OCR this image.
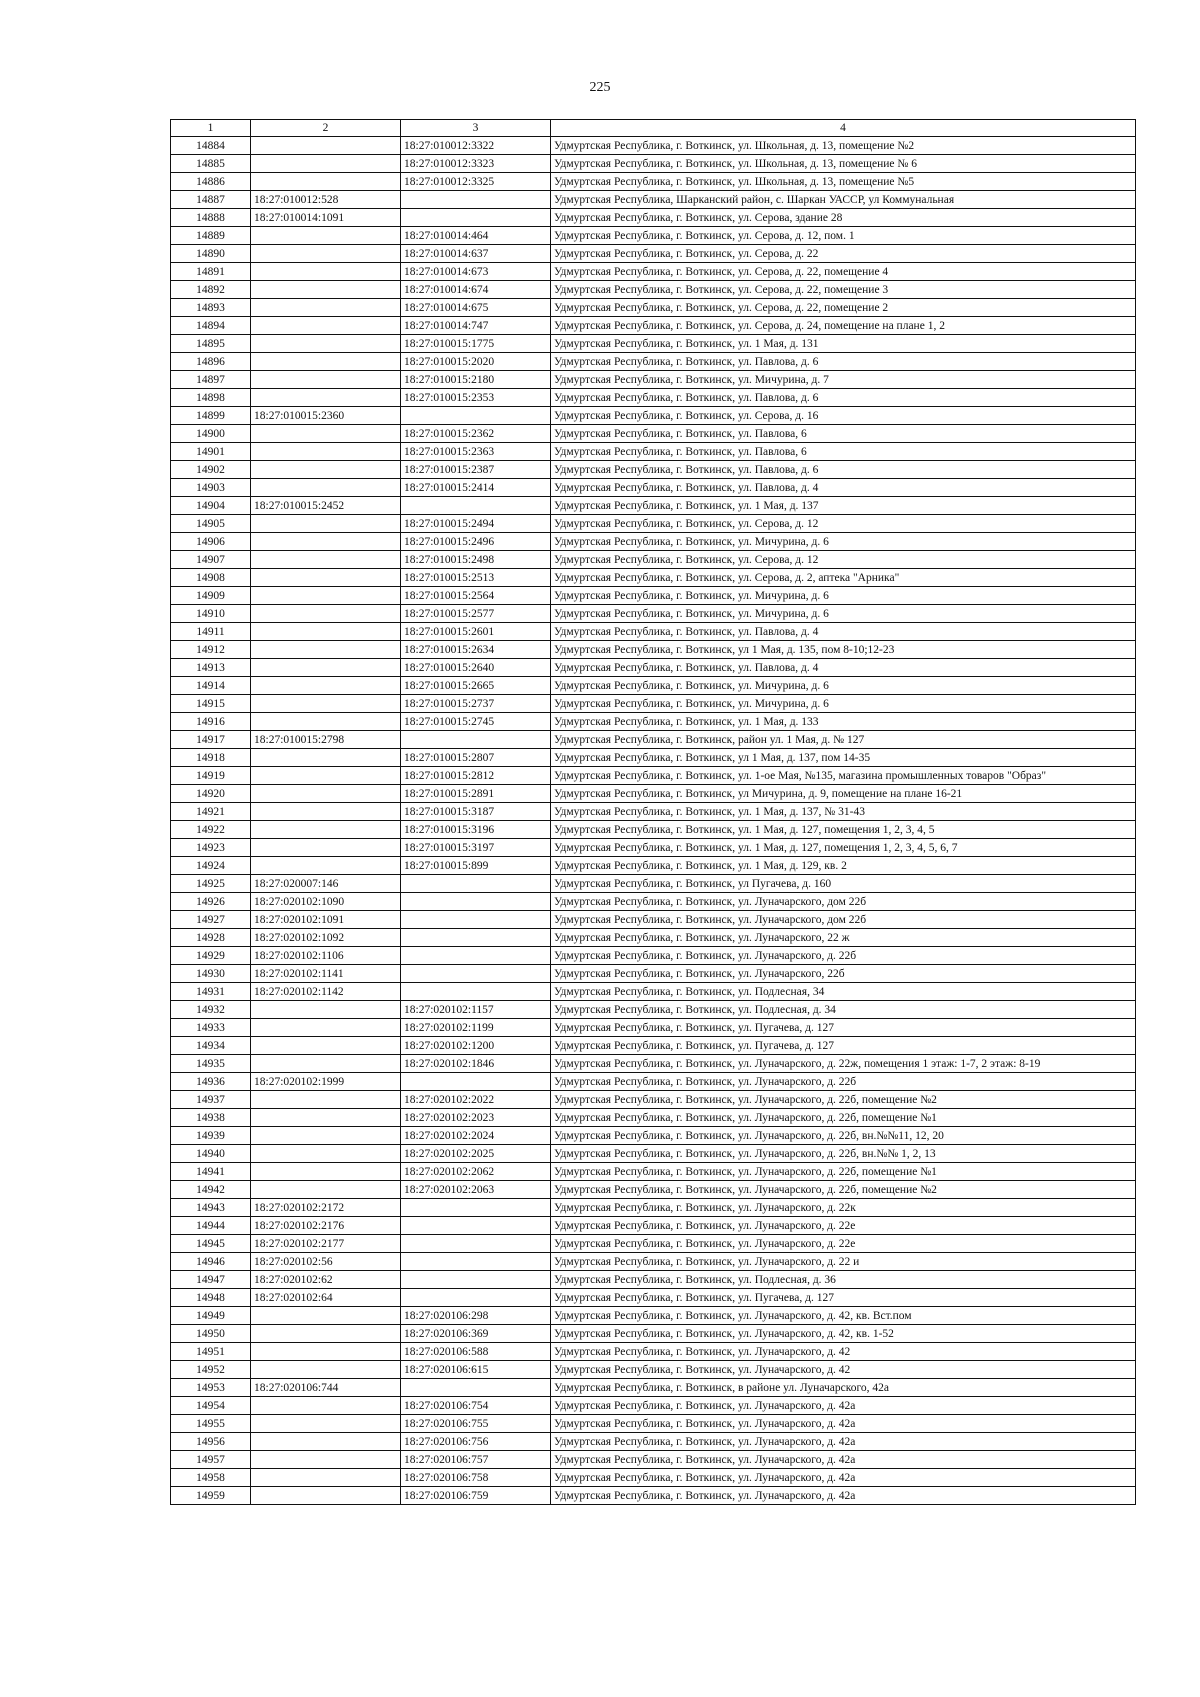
225
1	2	3	4
14884		18:27:010012:3322	Удмуртская Республика, г. Воткинск, ул. Школьная, д. 13, помещение №2
14885		18:27:010012:3323	Удмуртская Республика, г. Воткинск, ул. Школьная, д. 13, помещение № 6
14886		18:27:010012:3325	Удмуртская Республика, г. Воткинск, ул. Школьная, д. 13, помещение №5
14887	18:27:010012:528		Удмуртская Республика, Шарканский район, с. Шаркан УАССР, ул Коммунальная
14888	18:27:010014:1091		Удмуртская Республика, г. Воткинск, ул. Серова, здание 28
14889		18:27:010014:464	Удмуртская Республика, г. Воткинск, ул. Серова, д. 12, пом. 1
14890		18:27:010014:637	Удмуртская Республика, г. Воткинск, ул. Серова, д. 22
14891		18:27:010014:673	Удмуртская Республика, г. Воткинск, ул. Серова, д. 22, помещение 4
14892		18:27:010014:674	Удмуртская Республика, г. Воткинск, ул. Серова, д. 22, помещение 3
14893		18:27:010014:675	Удмуртская Республика, г. Воткинск, ул. Серова, д. 22, помещение 2
14894		18:27:010014:747	Удмуртская Республика, г. Воткинск, ул. Серова, д. 24, помещение на плане 1, 2
14895		18:27:010015:1775	Удмуртская Республика, г. Воткинск, ул. 1 Мая, д. 131
14896		18:27:010015:2020	Удмуртская Республика, г. Воткинск, ул. Павлова, д. 6
14897		18:27:010015:2180	Удмуртская Республика, г. Воткинск, ул. Мичурина, д. 7
14898		18:27:010015:2353	Удмуртская Республика, г. Воткинск, ул. Павлова, д. 6
14899	18:27:010015:2360		Удмуртская Республика, г. Воткинск, ул. Серова, д. 16
14900		18:27:010015:2362	Удмуртская Республика, г. Воткинск, ул. Павлова, 6
14901		18:27:010015:2363	Удмуртская Республика, г. Воткинск, ул. Павлова, 6
14902		18:27:010015:2387	Удмуртская Республика, г. Воткинск, ул. Павлова, д. 6
14903		18:27:010015:2414	Удмуртская Республика, г. Воткинск, ул. Павлова, д. 4
14904	18:27:010015:2452		Удмуртская Республика, г. Воткинск, ул. 1 Мая, д. 137
14905		18:27:010015:2494	Удмуртская Республика, г. Воткинск, ул. Серова, д. 12
14906		18:27:010015:2496	Удмуртская Республика, г. Воткинск, ул. Мичурина, д. 6
14907		18:27:010015:2498	Удмуртская Республика, г. Воткинск, ул. Серова, д. 12
14908		18:27:010015:2513	Удмуртская Республика, г. Воткинск, ул. Серова, д. 2, аптека "Арника"
14909		18:27:010015:2564	Удмуртская Республика, г. Воткинск, ул. Мичурина, д. 6
14910		18:27:010015:2577	Удмуртская Республика, г. Воткинск, ул. Мичурина, д. 6
14911		18:27:010015:2601	Удмуртская Республика, г. Воткинск, ул. Павлова, д. 4
14912		18:27:010015:2634	Удмуртская Республика, г. Воткинск, ул 1 Мая, д. 135, пом 8-10;12-23
14913		18:27:010015:2640	Удмуртская Республика, г. Воткинск, ул. Павлова, д. 4
14914		18:27:010015:2665	Удмуртская Республика, г. Воткинск, ул. Мичурина, д. 6
14915		18:27:010015:2737	Удмуртская Республика, г. Воткинск, ул. Мичурина, д. 6
14916		18:27:010015:2745	Удмуртская Республика, г. Воткинск, ул. 1 Мая, д. 133
14917	18:27:010015:2798		Удмуртская Республика, г. Воткинск, район ул. 1 Мая, д. № 127
14918		18:27:010015:2807	Удмуртская Республика, г. Воткинск, ул 1 Мая, д. 137, пом 14-35
14919		18:27:010015:2812	Удмуртская Республика, г. Воткинск, ул. 1-ое Мая, №135, магазина промышленных товаров "Образ"
14920		18:27:010015:2891	Удмуртская Республика, г. Воткинск, ул Мичурина, д. 9, помещение на плане 16-21
14921		18:27:010015:3187	Удмуртская Республика, г. Воткинск, ул. 1 Мая, д. 137, № 31-43
14922		18:27:010015:3196	Удмуртская Республика, г. Воткинск, ул. 1 Мая, д. 127, помещения 1, 2, 3, 4, 5
14923		18:27:010015:3197	Удмуртская Республика, г. Воткинск, ул. 1 Мая, д. 127, помещения 1, 2, 3, 4, 5, 6, 7
14924		18:27:010015:899	Удмуртская Республика, г. Воткинск, ул. 1 Мая, д. 129, кв. 2
14925	18:27:020007:146		Удмуртская Республика, г. Воткинск, ул Пугачева, д. 160
14926	18:27:020102:1090		Удмуртская Республика, г. Воткинск, ул. Луначарского, дом 22б
14927	18:27:020102:1091		Удмуртская Республика, г. Воткинск, ул. Луначарского, дом 22б
14928	18:27:020102:1092		Удмуртская Республика, г. Воткинск, ул. Луначарского, 22 ж
14929	18:27:020102:1106		Удмуртская Республика, г. Воткинск, ул. Луначарского, д. 22б
14930	18:27:020102:1141		Удмуртская Республика, г. Воткинск, ул. Луначарского, 22б
14931	18:27:020102:1142		Удмуртская Республика, г. Воткинск, ул. Подлесная, 34
14932		18:27:020102:1157	Удмуртская Республика, г. Воткинск, ул. Подлесная, д. 34
14933		18:27:020102:1199	Удмуртская Республика, г. Воткинск, ул. Пугачева, д. 127
14934		18:27:020102:1200	Удмуртская Республика, г. Воткинск, ул. Пугачева, д. 127
14935		18:27:020102:1846	Удмуртская Республика, г. Воткинск, ул. Луначарского, д. 22ж, помещения 1 этаж: 1-7, 2 этаж: 8-19
14936	18:27:020102:1999		Удмуртская Республика, г. Воткинск, ул. Луначарского, д. 22б
14937		18:27:020102:2022	Удмуртская Республика, г. Воткинск, ул. Луначарского, д. 22б, помещение №2
14938		18:27:020102:2023	Удмуртская Республика, г. Воткинск, ул. Луначарского, д. 22б, помещение №1
14939		18:27:020102:2024	Удмуртская Республика, г. Воткинск, ул. Луначарского, д. 22б, вн.№№11, 12, 20
14940		18:27:020102:2025	Удмуртская Республика, г. Воткинск, ул. Луначарского, д. 22б, вн.№№ 1, 2, 13
14941		18:27:020102:2062	Удмуртская Республика, г. Воткинск, ул. Луначарского, д. 22б, помещение №1
14942		18:27:020102:2063	Удмуртская Республика, г. Воткинск, ул. Луначарского, д. 22б, помещение №2
14943	18:27:020102:2172		Удмуртская Республика, г. Воткинск, ул. Луначарского, д. 22к
14944	18:27:020102:2176		Удмуртская Республика, г. Воткинск, ул. Луначарского, д. 22е
14945	18:27:020102:2177		Удмуртская Республика, г. Воткинск, ул. Луначарского, д. 22е
14946	18:27:020102:56		Удмуртская Республика, г. Воткинск, ул. Луначарского, д. 22 и
14947	18:27:020102:62		Удмуртская Республика, г. Воткинск, ул. Подлесная, д. 36
14948	18:27:020102:64		Удмуртская Республика, г. Воткинск, ул. Пугачева, д. 127
14949		18:27:020106:298	Удмуртская Республика, г. Воткинск, ул. Луначарского, д. 42, кв. Вст.пом
14950		18:27:020106:369	Удмуртская Республика, г. Воткинск, ул. Луначарского, д. 42, кв. 1-52
14951		18:27:020106:588	Удмуртская Республика, г. Воткинск, ул. Луначарского, д. 42
14952		18:27:020106:615	Удмуртская Республика, г. Воткинск, ул. Луначарского, д. 42
14953	18:27:020106:744		Удмуртская Республика, г. Воткинск, в районе ул. Луначарского, 42а
14954		18:27:020106:754	Удмуртская Республика, г. Воткинск, ул. Луначарского, д. 42а
14955		18:27:020106:755	Удмуртская Республика, г. Воткинск, ул. Луначарского, д. 42а
14956		18:27:020106:756	Удмуртская Республика, г. Воткинск, ул. Луначарского, д. 42а
14957		18:27:020106:757	Удмуртская Республика, г. Воткинск, ул. Луначарского, д. 42а
14958		18:27:020106:758	Удмуртская Республика, г. Воткинск, ул. Луначарского, д. 42а
14959		18:27:020106:759	Удмуртская Республика, г. Воткинск, ул. Луначарского, д. 42а
